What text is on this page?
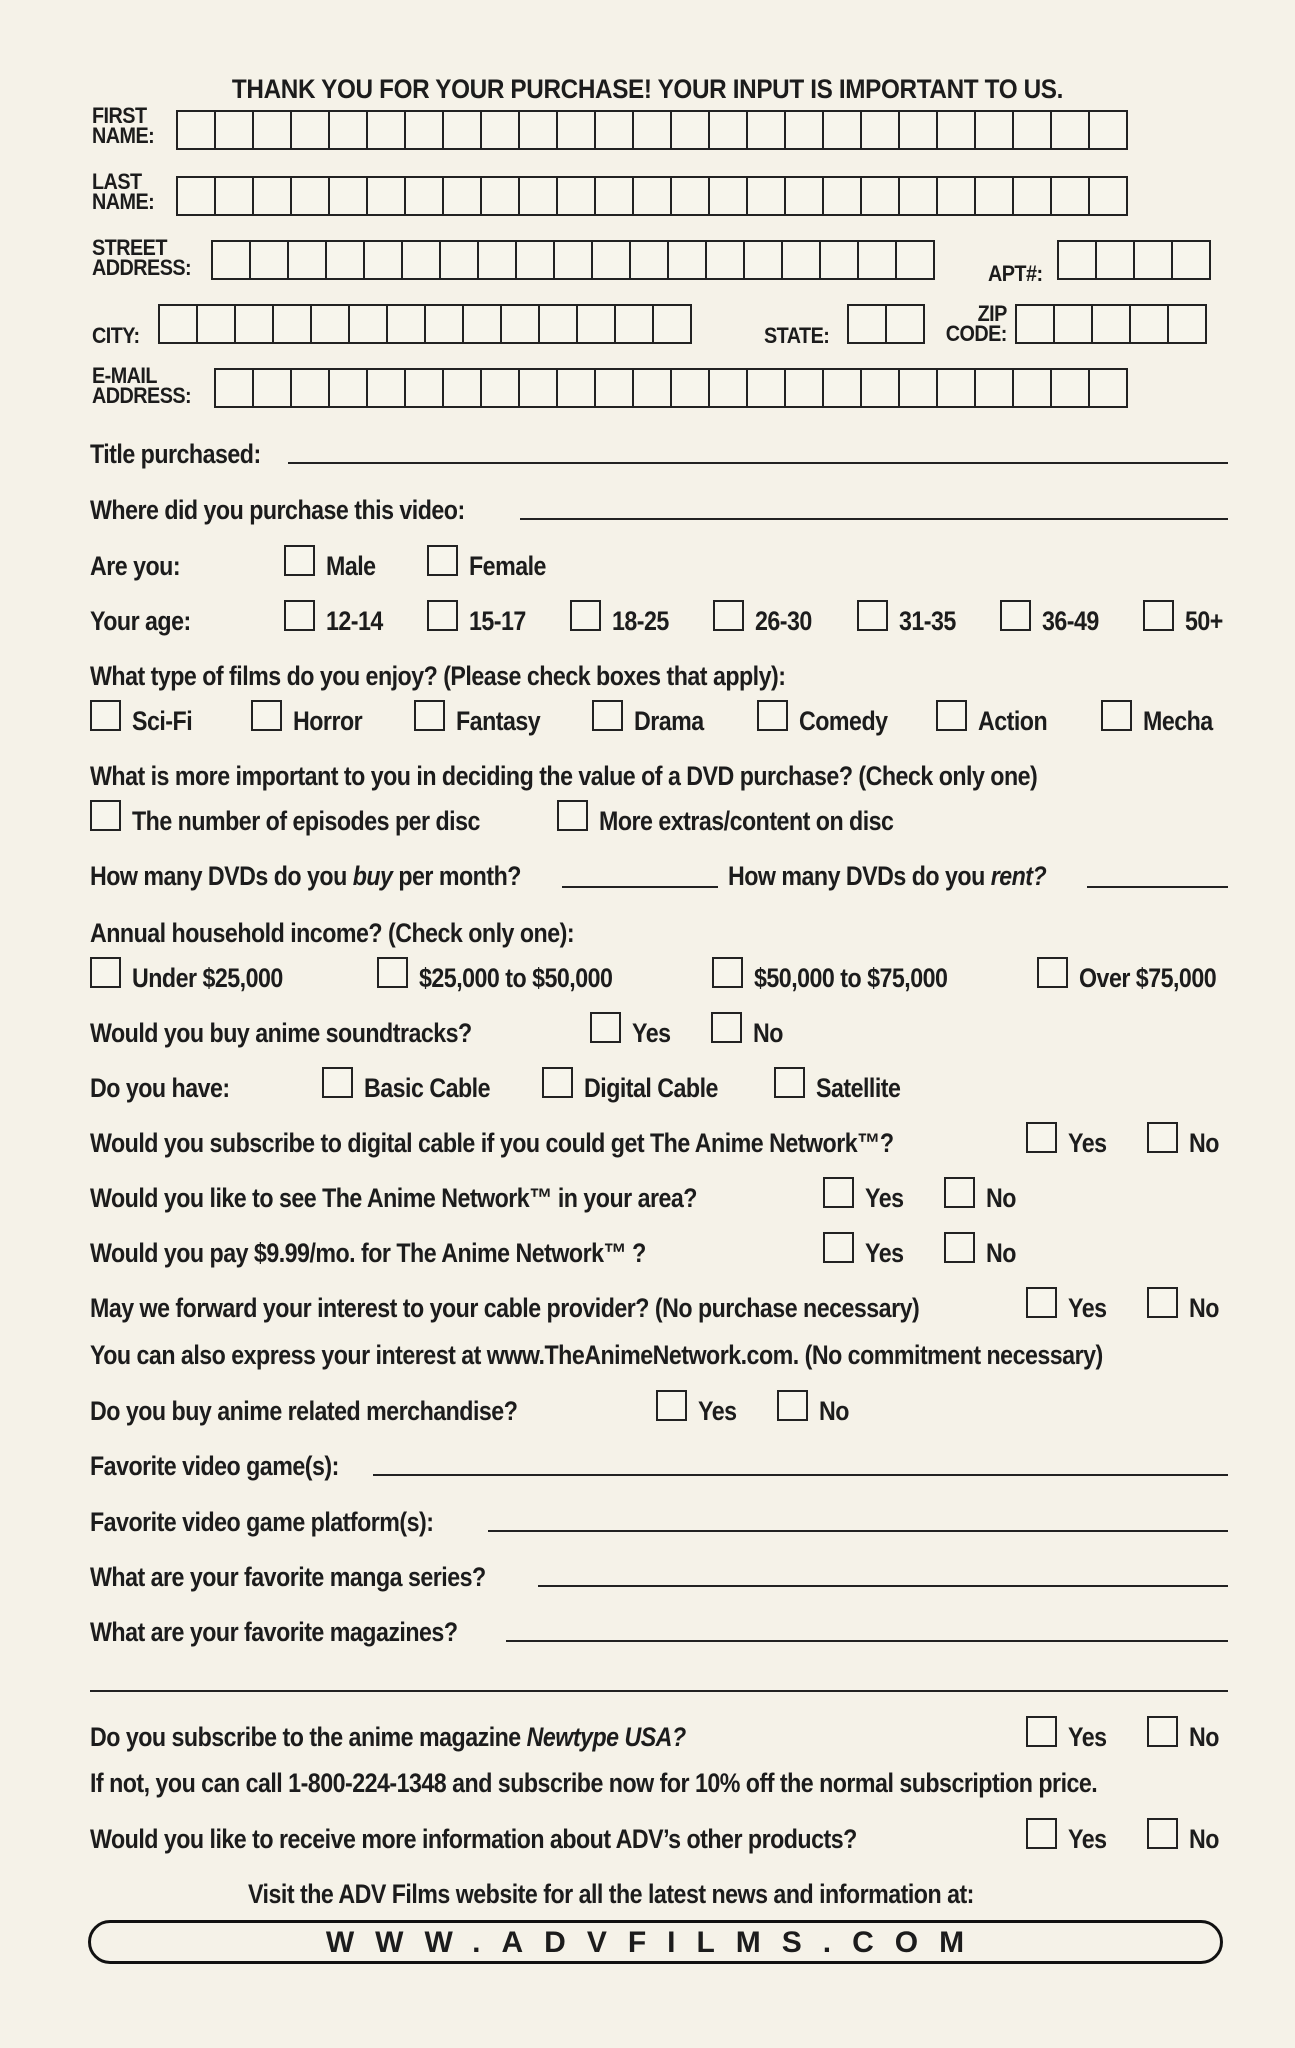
THANK YOU FOR YOUR PURCHASE! YOUR INPUT IS IMPORTANT TO US.
FIRST NAME:
LAST NAME:
STREET ADDRESS:	APT#:
CITY:	STATE:
ZIP CODE:
E-MAIL ADDRESS:
Title purchased:
Where did you purchase this video:
Are you:	Male	Female
Your age:	12-14	15-17	18-25	26-30	31-35	36-49	50+
What type of films do you enjoy? (Please check boxes that apply):
Sci-Fi	Horror	Fantasy	Drama	Comedy	Action	Mecha
What is more important to you in deciding the value of a DVD purchase? (Check only one)
The number of episodes per disc	More extras/content on disc
How many DVDs do you buy per month?	How many DVDs do you rent?
Annual household income? (Check only one):
Under $25,000	$25,000 to $50,000	$50,000 to $75,000	Over $75,000
Would you buy anime soundtracks?	Yes	No
Do you have:	Basic Cable	Digital Cable	Satellite
Would you subscribe to digital cable if you could get The Anime Network™?	Yes	No
Would you like to see The Anime Network™ in your area?	Yes	No
Would you pay $9.99/mo. for The Anime Network™ ?	Yes	No
May we forward your interest to your cable provider? (No purchase necessary)	Yes	No
You can also express your interest at www.TheAnimeNetwork.com. (No commitment necessary)
Do you buy anime related merchandise?	Yes	No
Favorite video game(s):
Favorite video game platform(s):
What are your favorite manga series?
What are your favorite magazines?
Do you subscribe to the anime magazine Newtype USA?	Yes	No
If not, you can call 1-800-224-1348 and subscribe now for 10% off the normal subscription price.
Would you like to receive more information about ADV’s other products?	Yes	No
Visit the ADV Films website for all the latest news and information at:
WWW.ADVFILMS.COM
